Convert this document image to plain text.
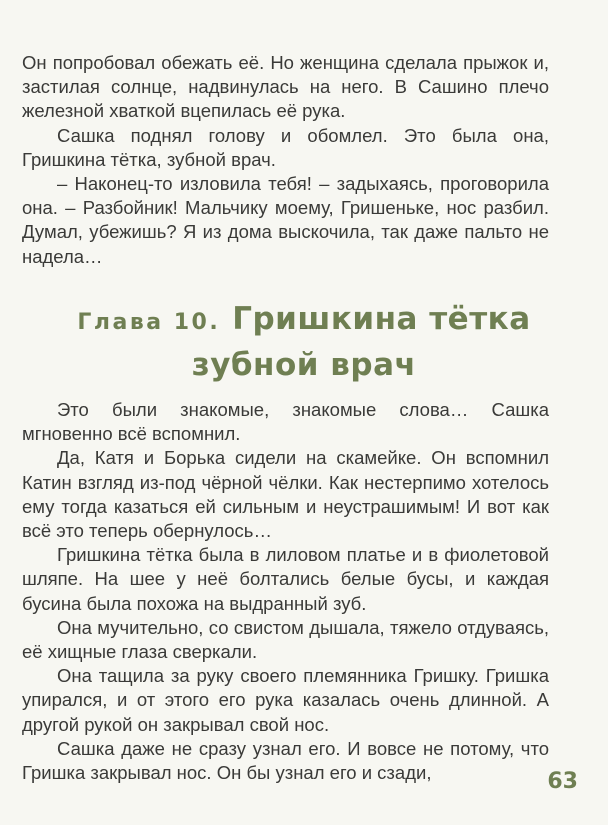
Он попробовал обежать её. Но женщина сделала прыжок и, застилая солнце, надвинулась на него. В Сашино плечо железной хваткой вцепилась её рука.

Сашка поднял голову и обомлел. Это была она, Гришкина тётка, зубной врач.

– Наконец-то изловила тебя! – задыхаясь, проговорила она. – Разбойник! Мальчику моему, Гришеньке, нос разбил. Думал, убежишь? Я из дома выскочила, так даже пальто не надела…

Глава 10. Гришкина тётка
зубной врач

Это были знакомые, знакомые слова… Сашка мгновенно всё вспомнил.

Да, Катя и Борька сидели на скамейке. Он вспомнил Катин взгляд из-под чёрной чёлки. Как нестерпимо хотелось ему тогда казаться ей сильным и неустрашимым! И вот как всё это теперь обернулось…

Гришкина тётка была в лиловом платье и в фиолетовой шляпе. На шее у неё болтались белые бусы, и каждая бусина была похожа на выдранный зуб.

Она мучительно, со свистом дышала, тяжело отдуваясь, её хищные глаза сверкали.

Она тащила за руку своего племянника Гришку. Гришка упирался, и от этого его рука казалась очень длинной. А другой рукой он закрывал свой нос.

Сашка даже не сразу узнал его. И вовсе не потому, что Гришка закрывал нос. Он бы узнал его и сзади,	63
